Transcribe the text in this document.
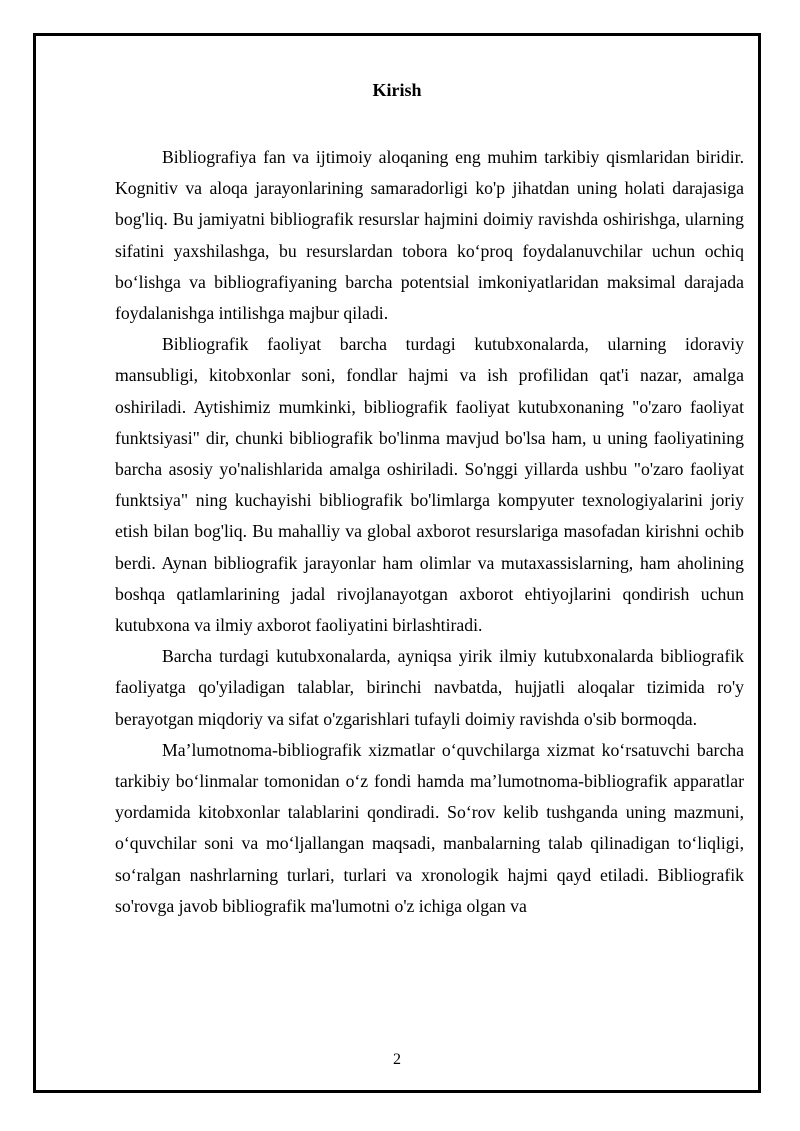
Kirish

Bibliografiya fan va ijtimoiy aloqaning eng muhim tarkibiy qismlaridan biridir. Kognitiv va aloqa jarayonlarining samaradorligi ko'p jihatdan uning holati darajasiga bog'liq. Bu jamiyatni bibliografik resurslar hajmini doimiy ravishda oshirishga, ularning sifatini yaxshilashga, bu resurslardan tobora koʻproq foydalanuvchilar uchun ochiq boʻlishga va bibliografiyaning barcha potentsial imkoniyatlaridan maksimal darajada foydalanishga intilishga majbur qiladi.

Bibliografik faoliyat barcha turdagi kutubxonalarda, ularning idoraviy mansubligi, kitobxonlar soni, fondlar hajmi va ish profilidan qat'i nazar, amalga oshiriladi. Aytishimiz mumkinki, bibliografik faoliyat kutubxonaning "o'zaro faoliyat funktsiyasi" dir, chunki bibliografik bo'linma mavjud bo'lsa ham, u uning faoliyatining barcha asosiy yo'nalishlarida amalga oshiriladi. So'nggi yillarda ushbu "o'zaro faoliyat funktsiya" ning kuchayishi bibliografik bo'limlarga kompyuter texnologiyalarini joriy etish bilan bog'liq. Bu mahalliy va global axborot resurslariga masofadan kirishni ochib berdi. Aynan bibliografik jarayonlar ham olimlar va mutaxassislarning, ham aholining boshqa qatlamlarining jadal rivojlanayotgan axborot ehtiyojlarini qondirish uchun kutubxona va ilmiy axborot faoliyatini birlashtiradi.

Barcha turdagi kutubxonalarda, ayniqsa yirik ilmiy kutubxonalarda bibliografik faoliyatga qo'yiladigan talablar, birinchi navbatda, hujjatli aloqalar tizimida ro'y berayotgan miqdoriy va sifat o'zgarishlari tufayli doimiy ravishda o'sib bormoqda.

Ma’lumotnoma-bibliografik xizmatlar oʻquvchilarga xizmat koʻrsatuvchi barcha tarkibiy boʻlinmalar tomonidan oʻz fondi hamda ma’lumotnoma-bibliografik apparatlar yordamida kitobxonlar talablarini qondiradi. Soʻrov kelib tushganda uning mazmuni, oʻquvchilar soni va moʻljallangan maqsadi, manbalarning talab qilinadigan toʻliqligi, soʻralgan nashrlarning turlari, turlari va xronologik hajmi qayd etiladi. Bibliografik so'rovga javob bibliografik ma'lumotni o'z ichiga olgan va

2
